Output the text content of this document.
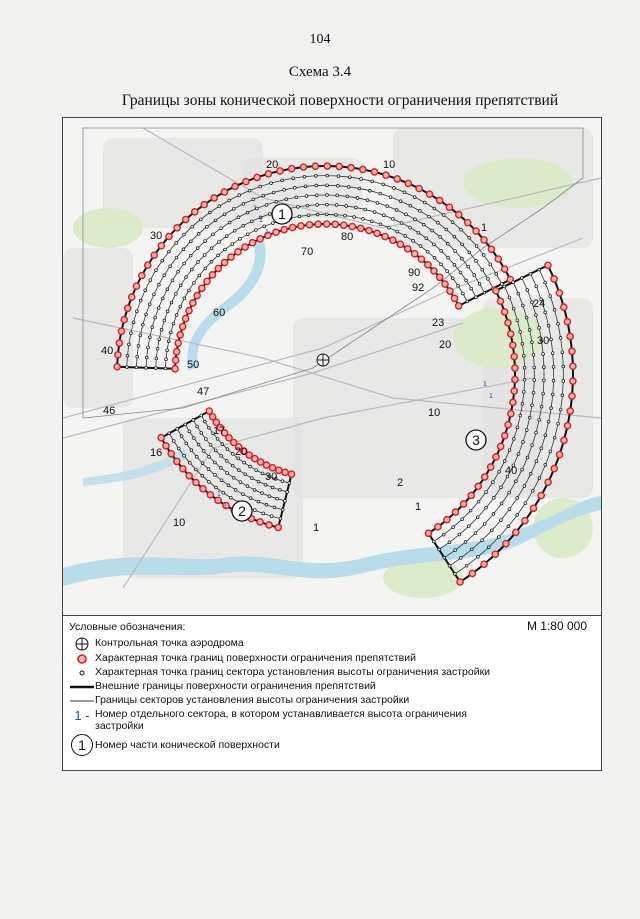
104
Схема 3.4
Границы зоны конической поверхности ограничения препятствий
1
2
3
1
1
1
1
1
1
1
20	10
1
30
70
80
90
92
60
40
50
47
46
17
20
16
30
10	1
24
23
20	30
10
40
2
1
Условные обозначения:	М 1:80 000
Контрольная точка аэродрома
Характерная точка границ поверхности ограничения препятствий
Характерная точка границ сектора установления высоты ограничения застройки
Внешние границы поверхности ограничения препятствий
Границы секторов установления высоты ограничения застройки
1 - Номер отдельного сектора, в котором устанавливается высота ограничения застройки
1 Номер части конической поверхности
